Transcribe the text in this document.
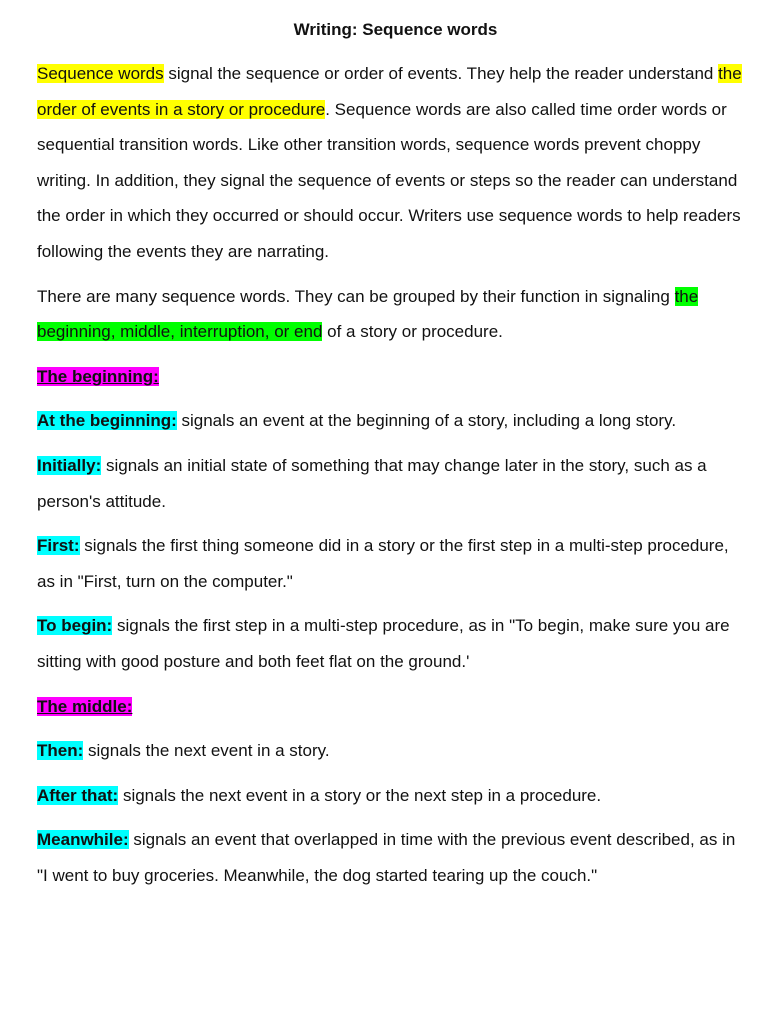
Writing: Sequence words

Sequence words signal the sequence or order of events. They help the reader understand the order of events in a story or procedure. Sequence words are also called time order words or sequential transition words. Like other transition words, sequence words prevent choppy writing. In addition, they signal the sequence of events or steps so the reader can understand the order in which they occurred or should occur. Writers use sequence words to help readers following the events they are narrating.

There are many sequence words. They can be grouped by their function in signaling the beginning, middle, interruption, or end of a story or procedure.

The beginning:

At the beginning: signals an event at the beginning of a story, including a long story.

Initially: signals an initial state of something that may change later in the story, such as a person's attitude.

First: signals the first thing someone did in a story or the first step in a multi-step procedure, as in "First, turn on the computer."

To begin: signals the first step in a multi-step procedure, as in "To begin, make sure you are sitting with good posture and both feet flat on the ground.'

The middle:

Then: signals the next event in a story.

After that: signals the next event in a story or the next step in a procedure.

Meanwhile: signals an event that overlapped in time with the previous event described, as in "I went to buy groceries. Meanwhile, the dog started tearing up the couch."
